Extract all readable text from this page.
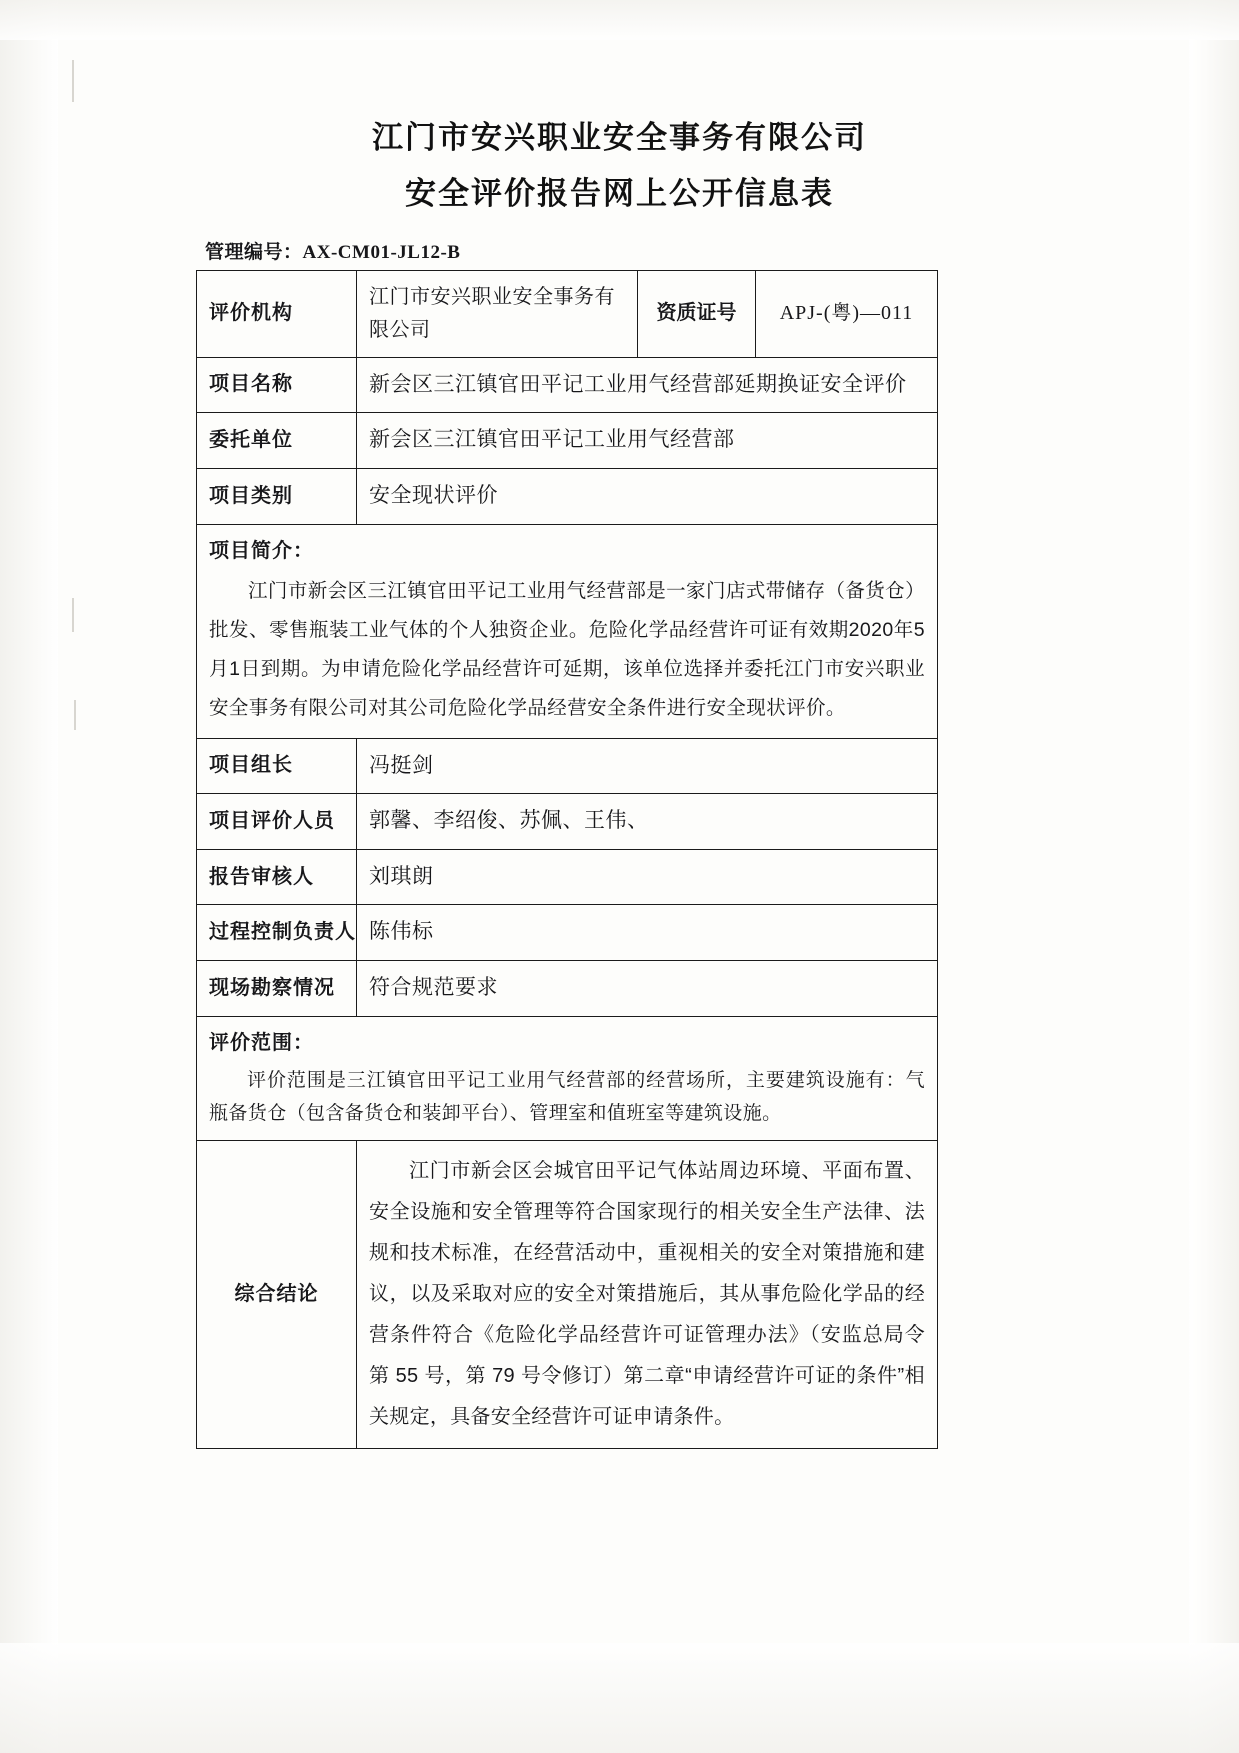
江门市安兴职业安全事务有限公司
安全评价报告网上公开信息表
管理编号：AX-CM01-JL12-B
评价机构	江门市安兴职业安全事务有限公司	资质证号	APJ-(粤)—011
项目名称	新会区三江镇官田平记工业用气经营部延期换证安全评价		
委托单位	新会区三江镇官田平记工业用气经营部		
项目类别	安全现状评价		

项目简介：
江门市新会区三江镇官田平记工业用气经营部是一家门店式带储存（备货仓）批发、零售瓶装工业气体的个人独资企业。危险化学品经营许可证有效期2020年5月1日到期。为申请危险化学品经营许可延期，该单位选择并委托江门市安兴职业安全事务有限公司对其公司危险化学品经营安全条件进行安全现状评价。			

项目组长	冯挺剑		
项目评价人员	郭馨、李绍俊、苏佩、王伟、		
报告审核人	刘琪朗		
过程控制负责人	陈伟标		
现场勘察情况	符合规范要求		

评价范围：
评价范围是三江镇官田平记工业用气经营部的经营场所，主要建筑设施有：气瓶备货仓（包含备货仓和装卸平台）、管理室和值班室等建筑设施。			

综合结论	江门市新会区会城官田平记气体站周边环境、平面布置、安全设施和安全管理等符合国家现行的相关安全生产法律、法规和技术标准，在经营活动中，重视相关的安全对策措施和建议，以及采取对应的安全对策措施后，其从事危险化学品的经营条件符合《危险化学品经营许可证管理办法》（安监总局令第 55 号，第 79 号令修订）第二章“申请经营许可证的条件”相关规定，具备安全经营许可证申请条件。		
